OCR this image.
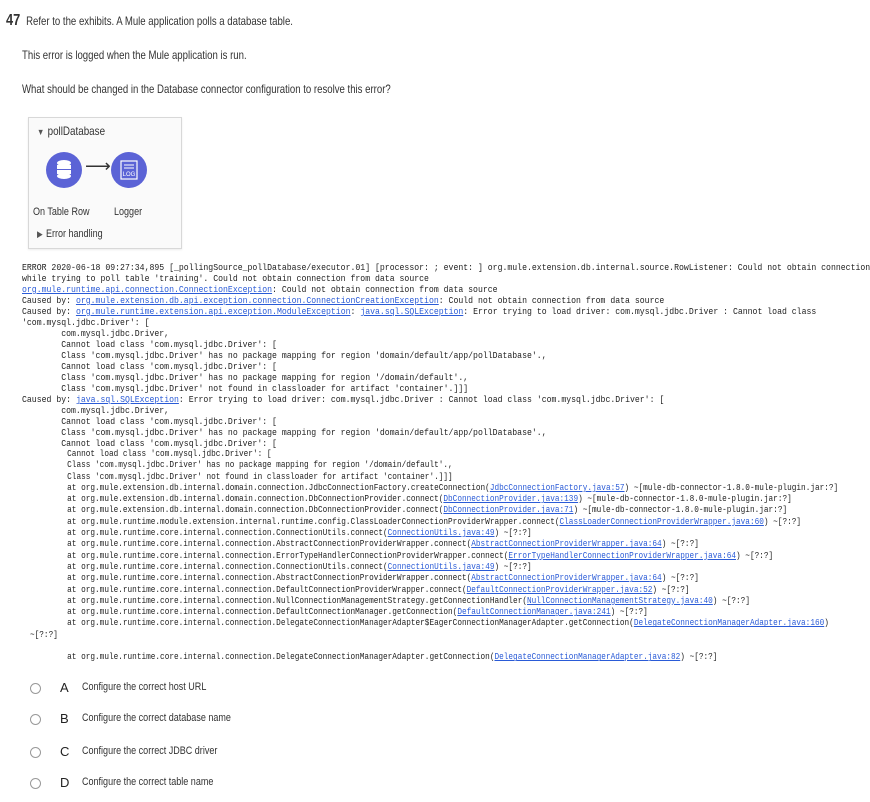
47 Refer to the exhibits. A Mule application polls a database table.
This error is logged when the Mule application is run.
What should be changed in the Database connector configuration to resolve this error?
▼ pollDatabase
⟶ LOG
On Table Row Logger
▶ Error handling
ERROR 2020-06-18 09:27:34,895 [_pollingSource_pollDatabase/executor.01] [processor: ; event: ] org.mule.extension.db.internal.source.RowListener: Could not obtain connection
while trying to poll table 'training'. Could not obtain connection from data source
org.mule.runtime.api.connection.ConnectionException: Could not obtain connection from data source
Caused by: org.mule.extension.db.api.exception.connection.ConnectionCreationException: Could not obtain connection from data source
Caused by: org.mule.runtime.extension.api.exception.ModuleException: java.sql.SQLException: Error trying to load driver: com.mysql.jdbc.Driver : Cannot load class
'com.mysql.jdbc.Driver': [
com.mysql.jdbc.Driver,
Cannot load class 'com.mysql.jdbc.Driver': [
Class 'com.mysql.jdbc.Driver' has no package mapping for region 'domain/default/app/pollDatabase'.,
Cannot load class 'com.mysql.jdbc.Driver': [
Class 'com.mysql.jdbc.Driver' has no package mapping for region '/domain/default'.,
Class 'com.mysql.jdbc.Driver' not found in classloader for artifact 'container'.]]]
Caused by: java.sql.SQLException: Error trying to load driver: com.mysql.jdbc.Driver : Cannot load class 'com.mysql.jdbc.Driver': [
com.mysql.jdbc.Driver,
Cannot load class 'com.mysql.jdbc.Driver': [
Class 'com.mysql.jdbc.Driver' has no package mapping for region 'domain/default/app/pollDatabase'.,
Cannot load class 'com.mysql.jdbc.Driver': [
Cannot load class 'com.mysql.jdbc.Driver': [
Class 'com.mysql.jdbc.Driver' has no package mapping for region '/domain/default'.,
Class 'com.mysql.jdbc.Driver' not found in classloader for artifact 'container'.]]]
at org.mule.extension.db.internal.domain.connection.JdbcConnectionFactory.createConnection(JdbcConnectionFactory.java:57) ~[mule-db-connector-1.8.0-mule-plugin.jar:?]
at org.mule.extension.db.internal.domain.connection.DbConnectionProvider.connect(DbConnectionProvider.java:139) ~[mule-db-connector-1.8.0-mule-plugin.jar:?]
at org.mule.extension.db.internal.domain.connection.DbConnectionProvider.connect(DbConnectionProvider.java:71) ~[mule-db-connector-1.8.0-mule-plugin.jar:?]
at org.mule.runtime.module.extension.internal.runtime.config.ClassLoaderConnectionProviderWrapper.connect(ClassLoaderConnectionProviderWrapper.java:60) ~[?:?]
at org.mule.runtime.core.internal.connection.ConnectionUtils.connect(ConnectionUtils.java:49) ~[?:?]
at org.mule.runtime.core.internal.connection.AbstractConnectionProviderWrapper.connect(AbstractConnectionProviderWrapper.java:64) ~[?:?]
at org.mule.runtime.core.internal.connection.ErrorTypeHandlerConnectionProviderWrapper.connect(ErrorTypeHandlerConnectionProviderWrapper.java:64) ~[?:?]
at org.mule.runtime.core.internal.connection.ConnectionUtils.connect(ConnectionUtils.java:49) ~[?:?]
at org.mule.runtime.core.internal.connection.AbstractConnectionProviderWrapper.connect(AbstractConnectionProviderWrapper.java:64) ~[?:?]
at org.mule.runtime.core.internal.connection.DefaultConnectionProviderWrapper.connect(DefaultConnectionProviderWrapper.java:52) ~[?:?]
at org.mule.runtime.core.internal.connection.NullConnectionManagementStrategy.getConnectionHandler(NullConnectionManagementStrategy.java:40) ~[?:?]
at org.mule.runtime.core.internal.connection.DefaultConnectionManager.getConnection(DefaultConnectionManager.java:241) ~[?:?]
at org.mule.runtime.core.internal.connection.DelegateConnectionManagerAdapter$EagerConnectionManagerAdapter.getConnection(DelegateConnectionManagerAdapter.java:160)
~[?:?]

at org.mule.runtime.core.internal.connection.DelegateConnectionManagerAdapter.getConnection(DelegateConnectionManagerAdapter.java:82) ~[?:?]
A Configure the correct host URL
B Configure the correct database name
C Configure the correct JDBC driver
D Configure the correct table name
